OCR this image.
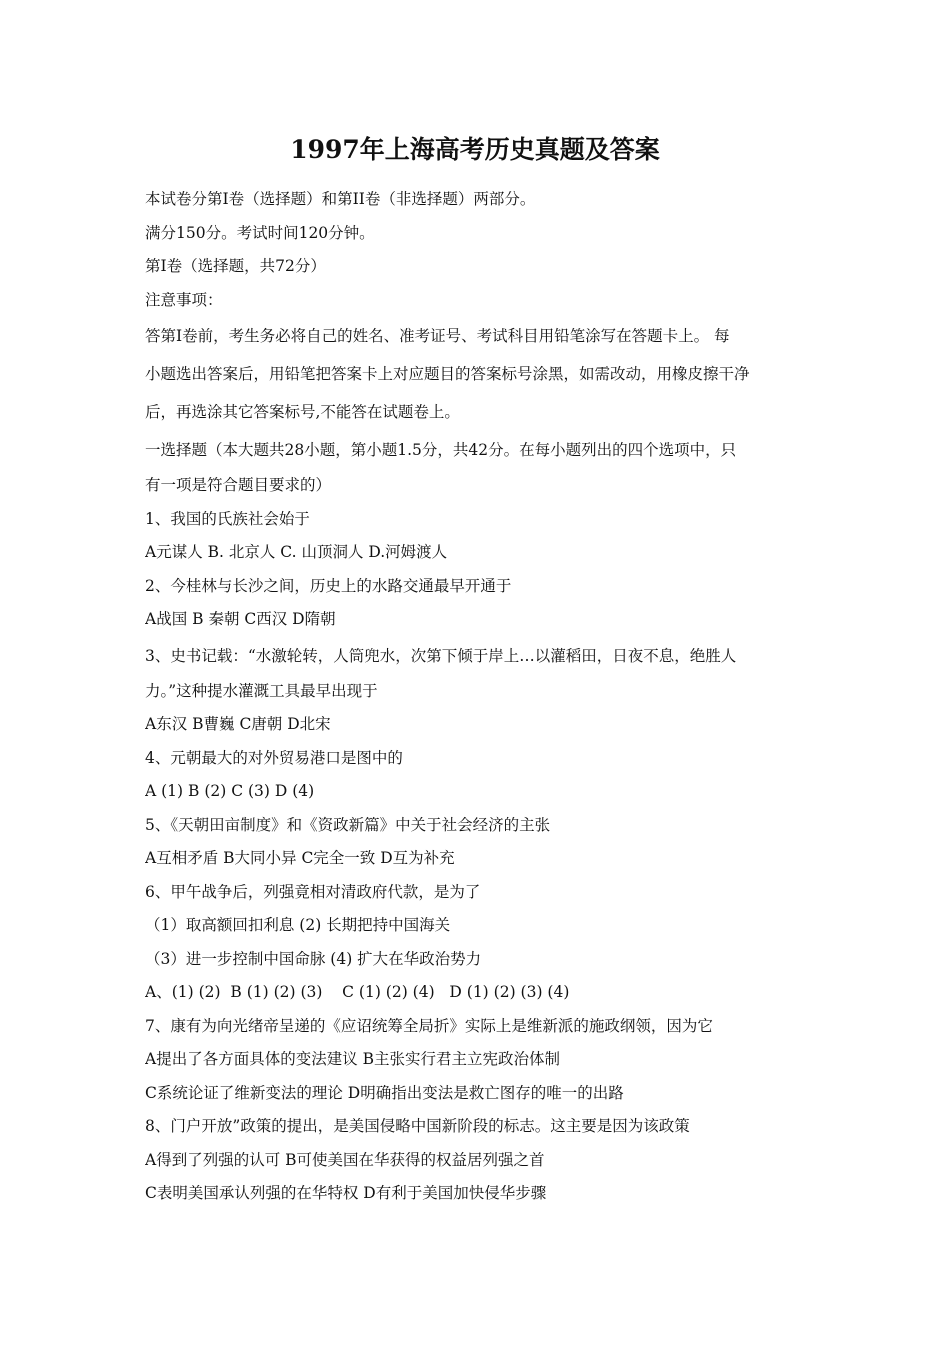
1997年上海高考历史真题及答案
本试卷分第Ⅰ卷（选择题）和第II卷（非选择题）两部分。
满分150分。考试时间120分钟。
第Ⅰ卷（选择题，共72分）
注意事项：
答第Ⅰ卷前，考生务必将自己的姓名、准考证号、考试科目用铅笔涂写在答题卡上。 每
小题选出答案后，用铅笔把答案卡上对应题目的答案标号涂黑，如需改动，用橡皮擦干净
后，再选涂其它答案标号,不能答在试题卷上。
一选择题（本大题共28小题，第小题1.5分，共42分。在每小题列出的四个选项中，只
有一项是符合题目要求的）
1、我国的氏族社会始于
A元谋人 B. 北京人 C. 山顶洞人 D.河姆渡人
2、今桂林与长沙之间，历史上的水路交通最早开通于
A战国 B 秦朝 C西汉 D隋朝
3、史书记载：“水激轮转，人筒兜水，次第下倾于岸上…以灌稻田，日夜不息，绝胜人
力。”这种提水灌溉工具最早出现于
A东汉 B曹巍 C唐朝 D北宋
4、元朝最大的对外贸易港口是图中的
A (1) B (2) C (3) D (4)
5、《天朝田亩制度》和《资政新篇》中关于社会经济的主张
A互相矛盾 B大同小异 C完全一致 D互为补充
6、甲午战争后，列强竟相对清政府代款，是为了
（1）取高额回扣利息 (2) 长期把持中国海关
（3）进一步控制中国命脉 (4) 扩大在华政治势力
A、(1) (2)  B (1) (2) (3)    C (1) (2) (4)   D (1) (2) (3) (4)
7、康有为向光绪帝呈递的《应诏统筹全局折》实际上是维新派的施政纲领，因为它
A提出了各方面具体的变法建议 B主张实行君主立宪政治体制
C系统论证了维新变法的理论 D明确指出变法是救亡图存的唯一的出路
8、门户开放”政策的提出，是美国侵略中国新阶段的标志。这主要是因为该政策
A得到了列强的认可 B可使美国在华获得的权益居列强之首
C表明美国承认列强的在华特权 D有利于美国加快侵华步骤
